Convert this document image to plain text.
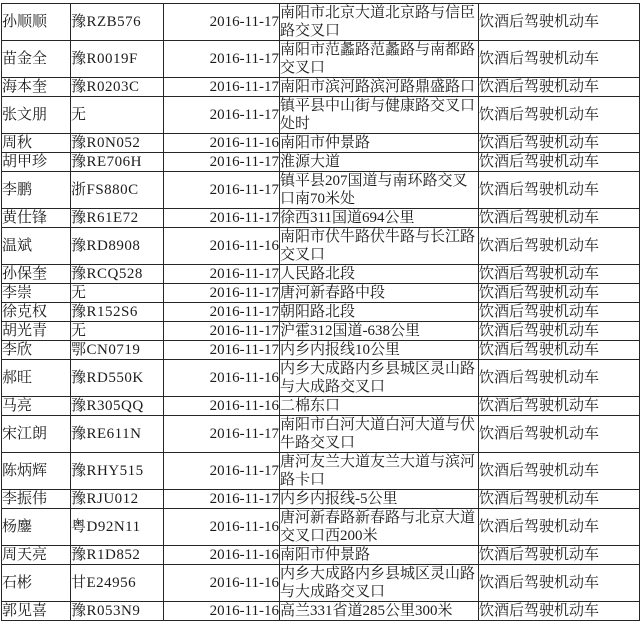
孙顺顺	豫RZB576	2016-11-17	南阳市北京大道北京路与信臣路交叉口	饮酒后驾驶机动车
苗金全	豫R0019F	2016-11-17	南阳市范蠡路范蠡路与南都路交叉口	饮酒后驾驶机动车
海本奎	豫R0203C	2016-11-17	南阳市滨河路滨河路鼎盛路口	饮酒后驾驶机动车
张文朋	无	2016-11-17	镇平县中山街与健康路交叉口处时	饮酒后驾驶机动车
周秋	豫R0N052	2016-11-16	南阳市仲景路	饮酒后驾驶机动车
胡甲珍	豫RE706H	2016-11-17	淮源大道	饮酒后驾驶机动车
李鹏	浙FS880C	2016-11-17	镇平县207国道与南环路交叉口南70米处	饮酒后驾驶机动车
黄仕锋	豫R61E72	2016-11-17	徐西311国道694公里	饮酒后驾驶机动车
温斌	豫RD8908	2016-11-16	南阳市伏牛路伏牛路与长江路交叉口	饮酒后驾驶机动车
孙保奎	豫RCQ528	2016-11-17	人民路北段	饮酒后驾驶机动车
李崇	无	2016-11-17	唐河新春路中段	饮酒后驾驶机动车
徐克权	豫R152S6	2016-11-17	朝阳路北段	饮酒后驾驶机动车
胡光青	无	2016-11-17	沪霍312国道-638公里	饮酒后驾驶机动车
李欣	鄂CN0719	2016-11-17	内乡内报线10公里	饮酒后驾驶机动车
郝旺	豫RD550K	2016-11-16	内乡大成路内乡县城区灵山路与大成路交叉口	饮酒后驾驶机动车
马亮	豫R305QQ	2016-11-16	二棉东口	饮酒后驾驶机动车
宋江朗	豫RE611N	2016-11-17	南阳市白河大道白河大道与伏牛路交叉口	饮酒后驾驶机动车
陈炳辉	豫RHY515	2016-11-17	唐河友兰大道友兰大道与滨河路卡口	饮酒后驾驶机动车
李振伟	豫RJU012	2016-11-17	内乡内报线-5公里	饮酒后驾驶机动车
杨鏖	粤D92N11	2016-11-16	唐河新春路新春路与北京大道交叉口西200米	饮酒后驾驶机动车
周天亮	豫R1D852	2016-11-16	南阳市仲景路	饮酒后驾驶机动车
石彬	甘E24956	2016-11-16	内乡大成路内乡县城区灵山路与大成路交叉口	饮酒后驾驶机动车
郭见喜	豫R053N9	2016-11-16	高兰331省道285公里300米	饮酒后驾驶机动车
